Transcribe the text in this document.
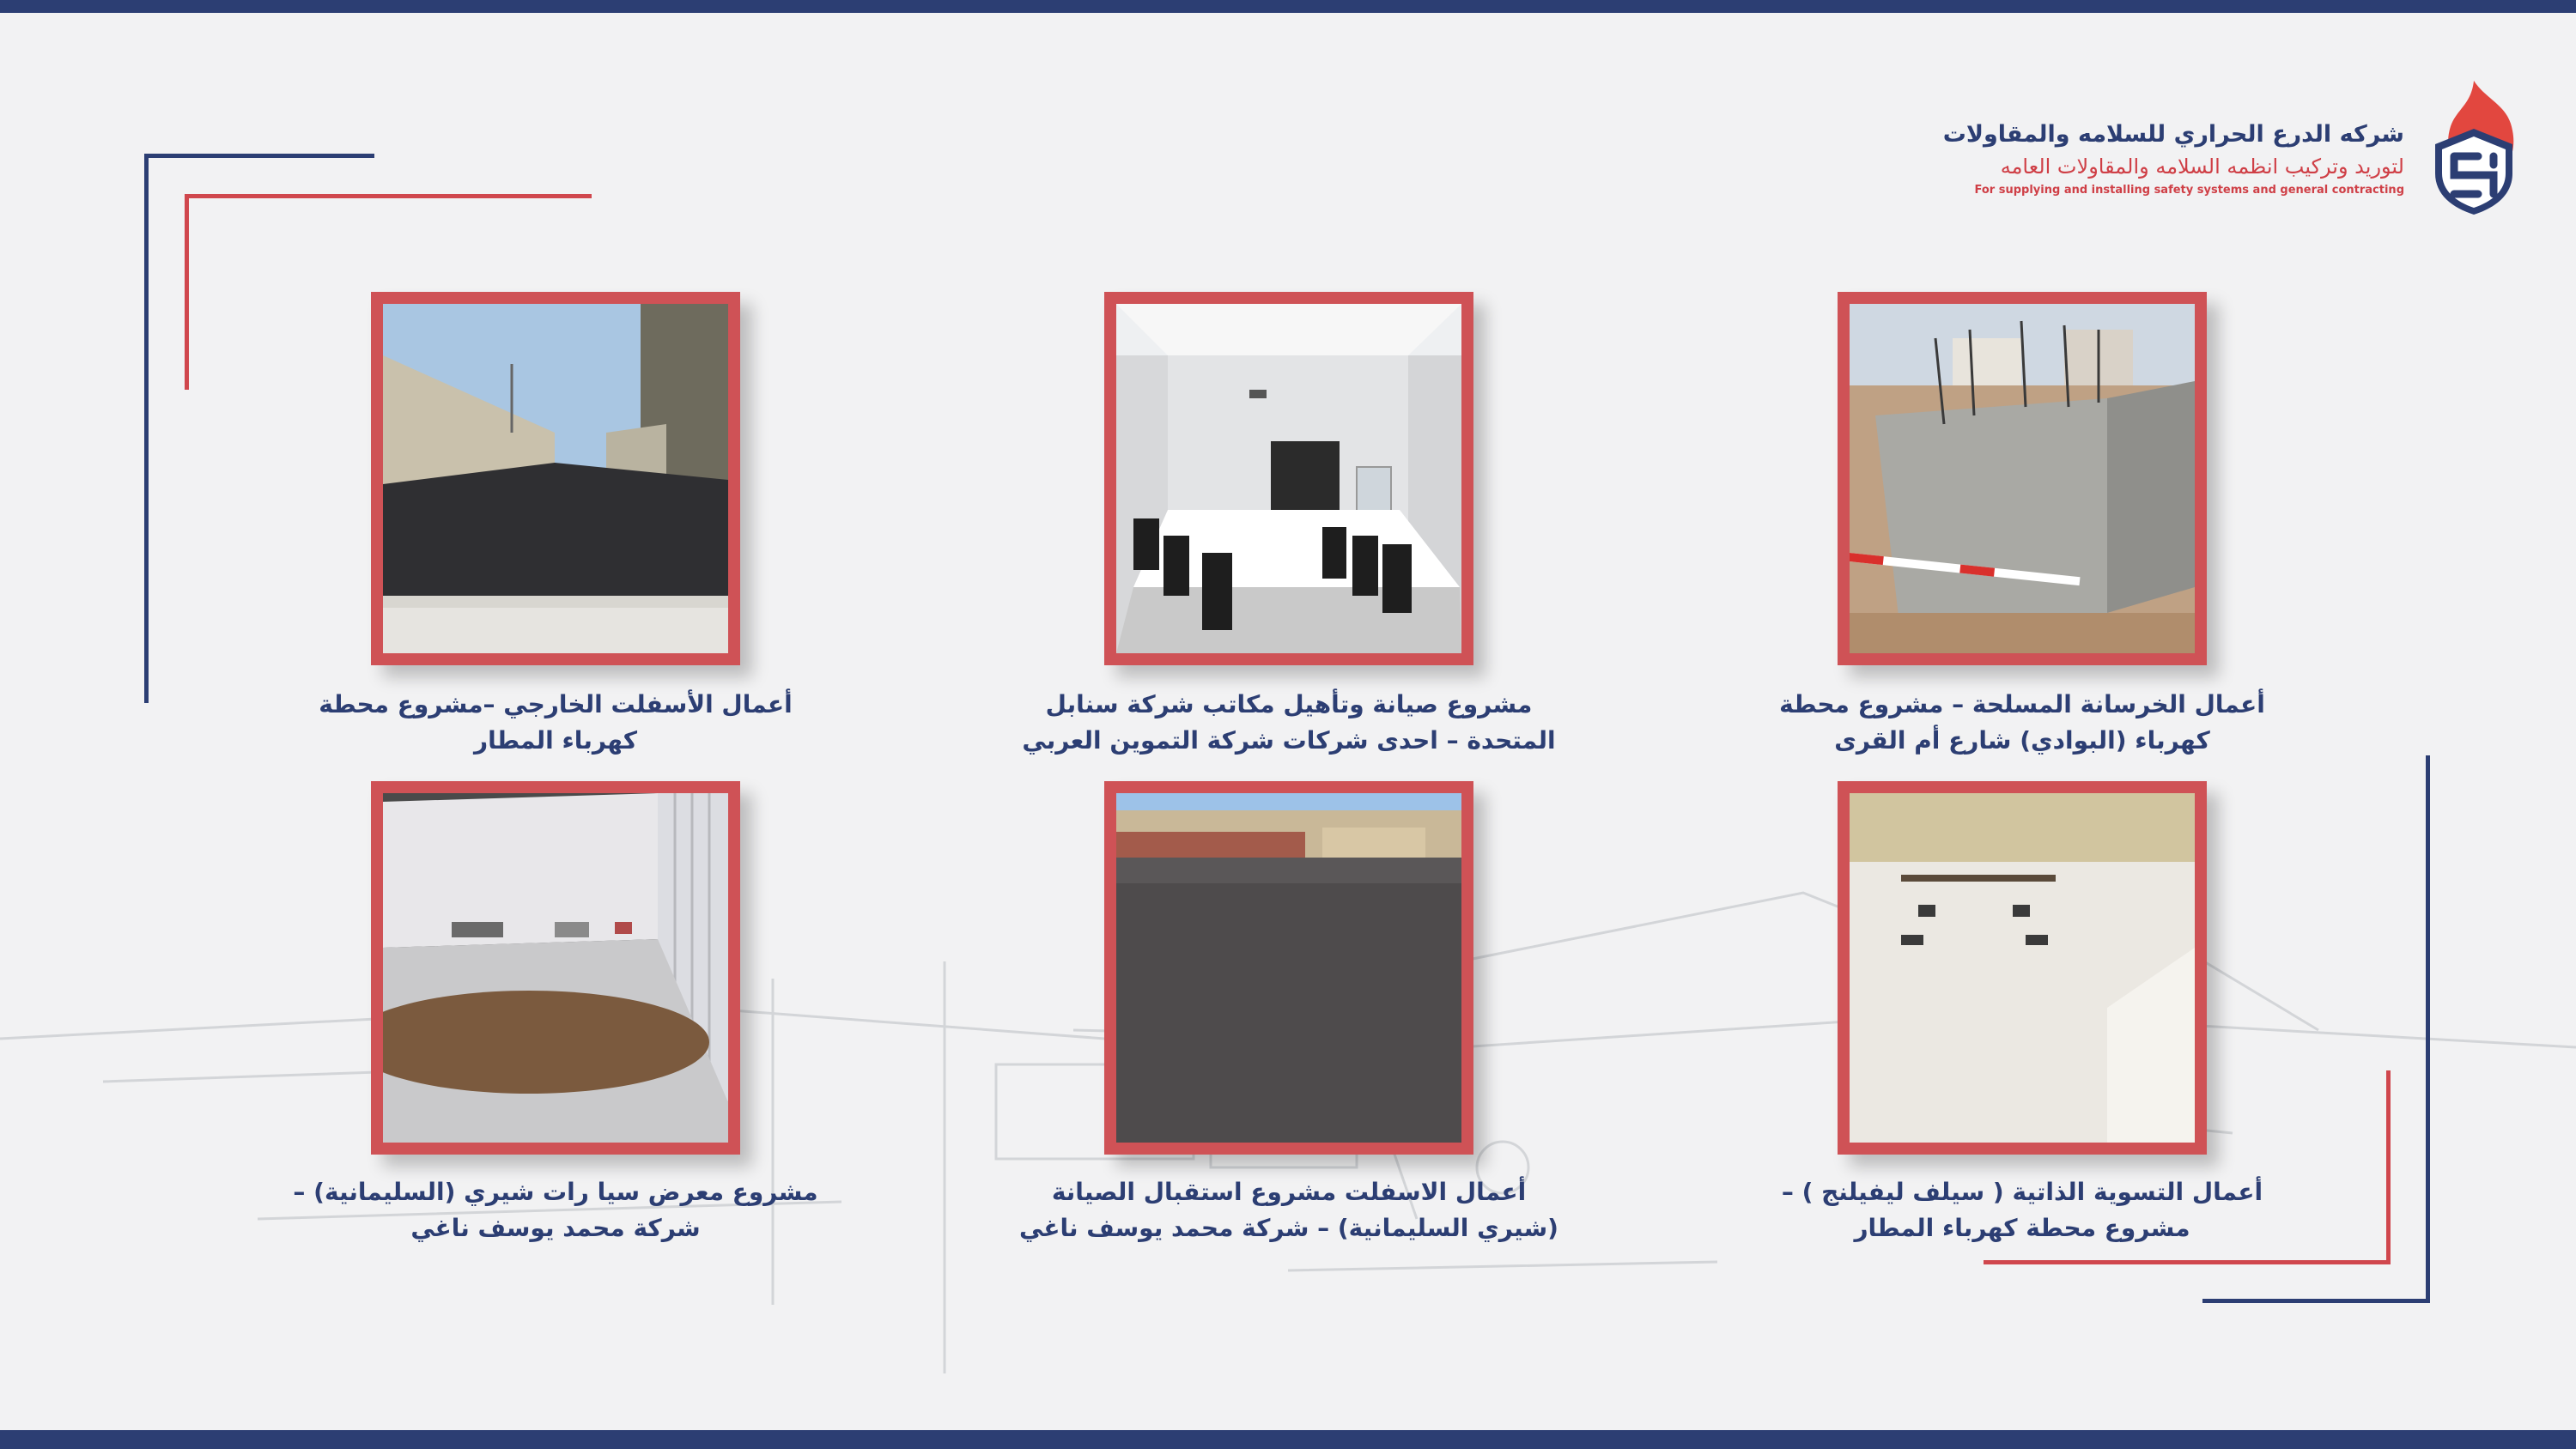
شركه الدرع الحراري للسلامه والمقاولات
لتوريد وتركيب انظمه السلامه والمقاولات العامه
For supplying and installing safety systems and general contracting
أعمال الخرسانة المسلحة – مشروع محطة كهرباء (البوادي) شارع أم القرى
مشروع صيانة وتأهيل مكاتب شركة سنابل المتحدة – احدى شركات شركة التموين العربي
أعمال الأسفلت الخارجي –مشروع محطة كهرباء المطار
أعمال التسوية الذاتية ( سيلف ليفيلنج ) – مشروع محطة كهرباء المطار
أعمال الاسفلت مشروع استقبال الصيانة (شيري السليمانية) – شركة محمد يوسف ناغي
مشروع معرض سيا رات شيري (السليمانية) – شركة محمد يوسف ناغي
